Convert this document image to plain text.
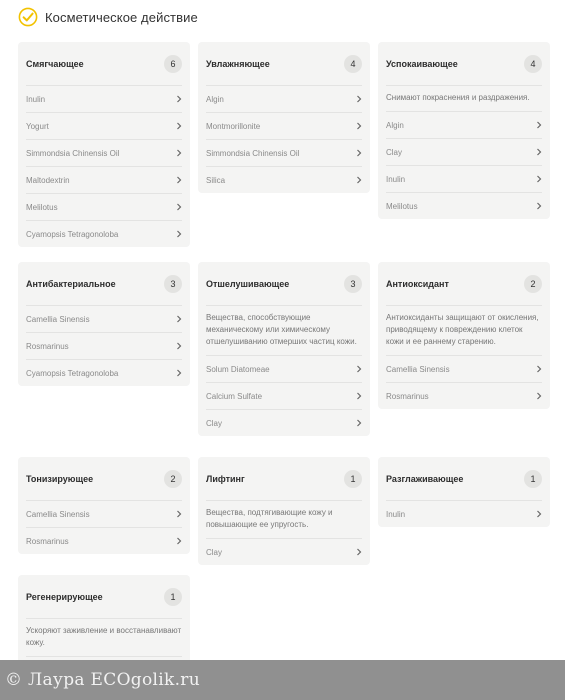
Косметическое действие
Смягчающее	6
Inulin
Yogurt
Simmondsia Chinensis Oil
Maltodextrin
Melilotus
Cyamopsis Tetragonoloba
Увлажняющее	4
Algin
Montmorillonite
Simmondsia Chinensis Oil
Silica
Успокаивающее	4

Снимают покраснения и раздражения.

Algin
Clay
Inulin
Melilotus
Антибактериальное	3
Camellia Sinensis
Rosmarinus
Cyamopsis Tetragonoloba
Отшелушивающее	3

Вещества, способствующие механическому или химическому отшелушиванию отмерших частиц кожи.

Solum Diatomeae
Calcium Sulfate
Clay
Антиоксидант	2

Антиоксиданты защищают от окисления, приводящему к повреждению клеток кожи и ее раннему старению.

Camellia Sinensis
Rosmarinus
Тонизирующее	2
Camellia Sinensis
Rosmarinus
Лифтинг	1

Вещества, подтягивающие кожу и повышающие ее упругость.

Clay
Разглаживающее	1
Inulin
Регенерирующее	1

Ускоряют заживление и восстанавливают кожу.

© Лаура ECOgolik.ru
